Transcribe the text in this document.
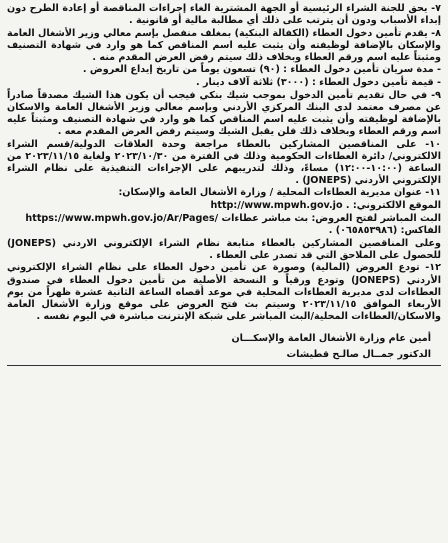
٧- يحق للجنة الشراء الرئيسية أو الجهة المشترية الغاء إجراءات المناقصة أو إعادة الطرح دون إبداء الأسباب ودون أن يترتب على ذلك أي مطالبة مالية أو قانونية .

٨- يقدم تأمين دخول العطاء (الكفالة البنكية) بمغلف منفصل بإسم معالي وزير الأشغال العامة والإسكان بالإضافة لوظيفته وأن يثبت عليه اسم المناقص كما هو وارد في شهادة التصنيف ومثبتاً عليه اسم ورقم العطاء وبخلاف ذلك سيتم رفض العرض المقدم منه .

- مدة سريان تأمين دخول العطاء : (٩٠) تسعون يوماً من تاريخ إيداع العروض .

- قيمة تأمين دخول العطاء : (٣٠٠٠) ثلاثة آلاف دينار .

٩- في حال تقديم تأمين الدخول بموجب شيك بنكي فيجب أن يكون هذا الشيك مصدقاً صادراً عن مصرف معتمد لدى البنك المركزي الأردني وبإسم معالي وزير الأشغال العامة والاسكان بالإضافة لوظيفته وأن يثبت عليه اسم المناقص كما هو وارد في شهادة التصنيف ومثبتاً عليه اسم ورقم العطاء وبخلاف ذلك فلن يقبل الشيك وسيتم رفض العرض المقدم معه .

١٠- على المناقصين المشاركين بالعطاء مراجعة وحدة العلاقات الدولية/قسم الشراء الالكتروني/ دائرة العطاءات الحكومية وذلك في الفترة من ٢٠٢٣/١٠/٣٠ ولغاية ٢٠٢٣/١١/١٥ من الساعة (١٠:٠٠-١٢:٠٠) مساءً، وذلك لتدريبهم على الإجراءات التنفيذية على نظام الشراء الإلكتروني الأردني (JONEPS) .

١١- عنوان مديرية العطاءات المحلية / وزارة الأشغال العامة والإسكان:

الموقع الالكتروني: http://www.mpwh.gov.jo .

البث المباشر لفتح العروض: بث مباشر عطاءات https://www.mpwh.gov.jo/Ar/Pages/

الفاكس: (٠٦٥٨٥٣٩٨٦) .

وعلى المناقصين المشاركين بالعطاء متابعة نظام الشراء الإلكتروني الاردني (JONEPS) للحصول على الملاحق التي قد تصدر على العطاء .

١٢- تودع العروض (المالية) وصورة عن تأمين دخول العطاء على نظام الشراء الإلكتروني الأردني (JONEPS) وتودع ورقياً و النسخة الأصلية من تأمين دخول العطاء في صندوق العطاءات لدى مديرية العطاءات المحلية في موعد أقصاه الساعة الثانية عشرة ظهراً من يوم الأربعاء الموافق ٢٠٢٣/١١/١٥ وسيتم بث فتح العروض على موقع وزارة الأشغال العامة والاسكان/العطاءات المحلية/البث المباشر على شبكة الإنترنت مباشرة في اليوم نفسه .

أمين عام وزارة الأشغال العامة والإسكـــان
الدكتور جمــال صالـح قطيشات
